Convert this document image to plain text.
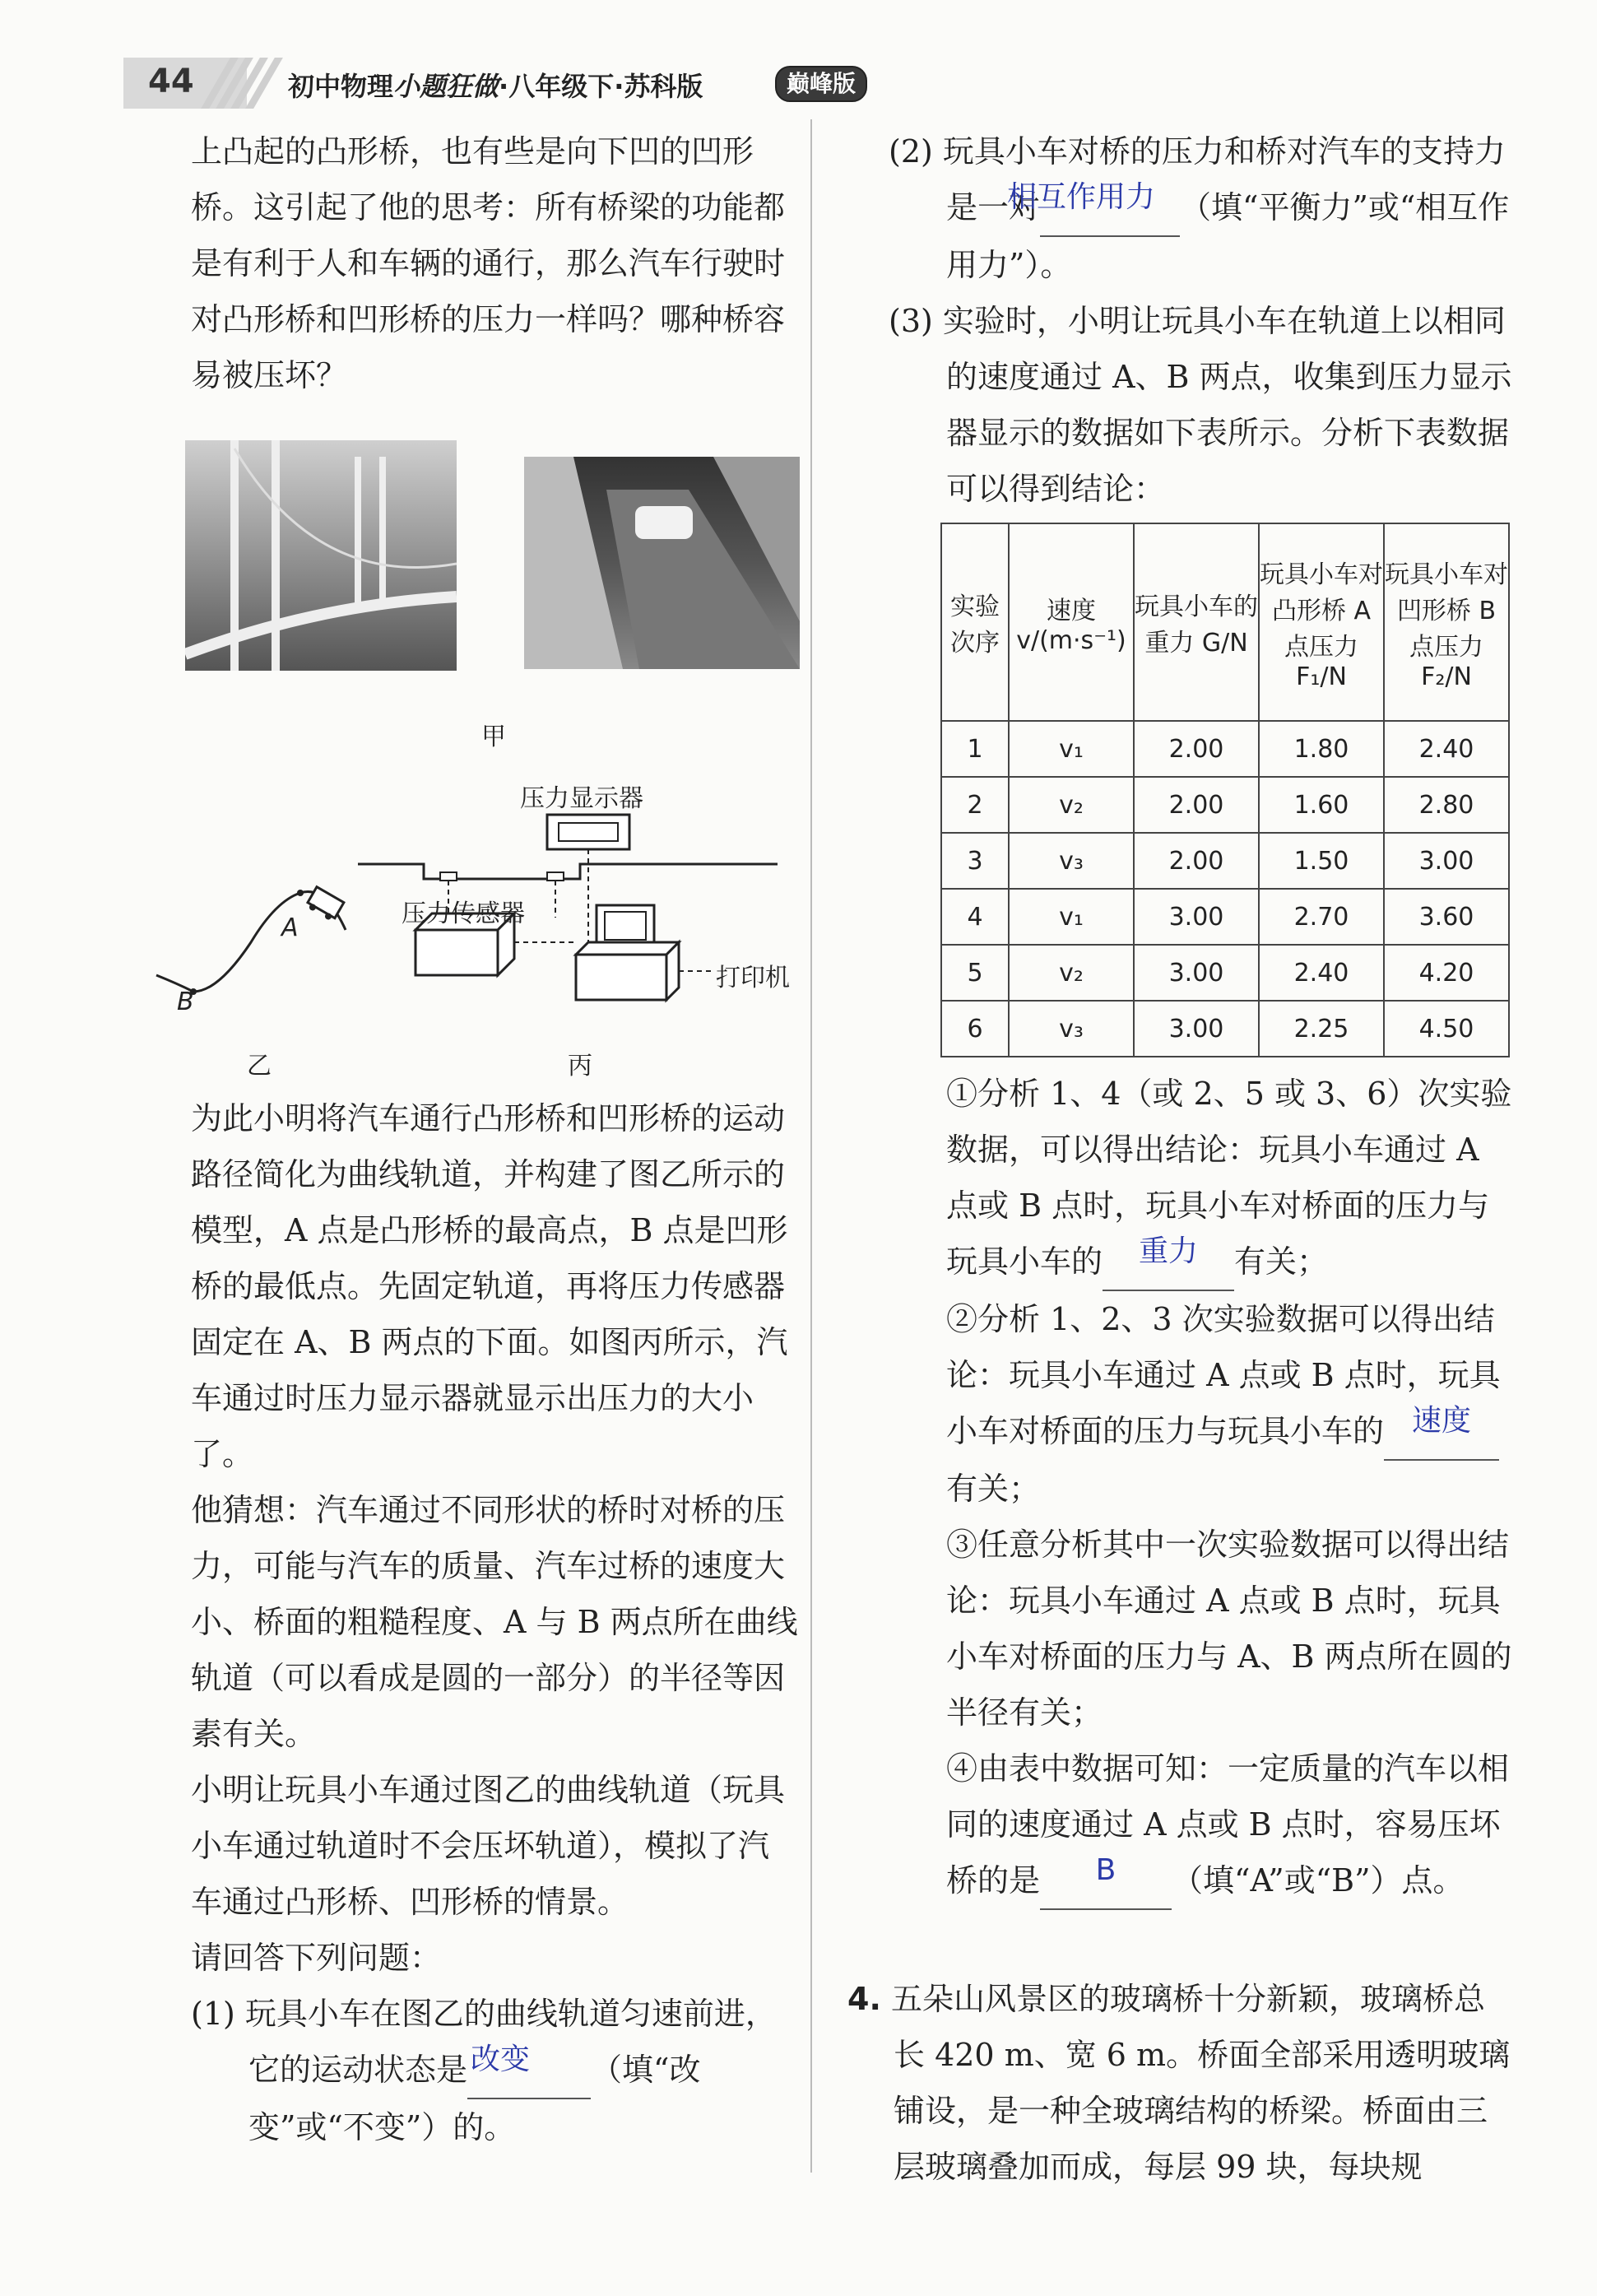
44	初中物理小题狂做·八年级下·苏科版	巅峰版

上凸起的凸形桥，也有些是向下凹的凹形桥。这引起了他的思考：所有桥梁的功能都是有利于人和车辆的通行，那么汽车行驶时对凸形桥和凹形桥的压力一样吗？哪种桥容易被压坏？

甲
压力显示器
压力传感器
打印机
A
B
乙	丙

为此小明将汽车通行凸形桥和凹形桥的运动路径简化为曲线轨道，并构建了图乙所示的模型，A 点是凸形桥的最高点，B 点是凹形桥的最低点。先固定轨道，再将压力传感器固定在 A、B 两点的下面。如图丙所示，汽车通过时压力显示器就显示出压力的大小了。

他猜想：汽车通过不同形状的桥时对桥的压力，可能与汽车的质量、汽车过桥的速度大小、桥面的粗糙程度、A 与 B 两点所在曲线轨道（可以看成是圆的一部分）的半径等因素有关。

小明让玩具小车通过图乙的曲线轨道（玩具小车通过轨道时不会压坏轨道），模拟了汽车通过凸形桥、凹形桥的情景。

请回答下列问题：

(1) 玩具小车在图乙的曲线轨道匀速前进，它的运动状态是 改变	（填“改变”或“不变”）的。

(2) 玩具小车对桥的压力和桥对汽车的支持力是一对
相互作用力 （填“平衡力”或“相互作用力”）。

(3) 实验时，小明让玩具小车在轨道上以相同的速度通过 A、B 两点，收集到压力显示器显示的数据如下表所示。分析下表数据可以得到结论：

实验次序	速度 v/(m·s⁻¹)	玩具小车的重力 G/N	玩具小车对凸形桥 A 点压力 F₁/N	玩具小车对凹形桥 B 点压力 F₂/N
1	v₁	2.00	1.80	2.40
2	v₂	2.00	1.60	2.80
3	v₃	2.00	1.50	3.00
4	v₁	3.00	2.70	3.60
5	v₂	3.00	2.40	4.20
6	v₃	3.00	2.25	4.50

①分析 1、4（或 2、5 或 3、6）次实验数据，可以得出结论：玩具小车通过 A 点或 B 点时，玩具小车对桥面的压力与玩具小车的	重力	有关；

②分析 1、2、3 次实验数据可以得出结论：玩具小车通过 A 点或 B 点时，玩具小车对桥面的压力与玩具小车的 速度
有关；

③任意分析其中一次实验数据可以得出结论：玩具小车通过 A 点或 B 点时，玩具小车对桥面的压力与 A、B 两点所在圆的半径有关；

④由表中数据可知：一定质量的汽车以相同的速度通过 A 点或 B 点时，容易压坏桥的是	B	（填“A”或“B”）点。

4. 五朵山风景区的玻璃桥十分新颖，玻璃桥总长 420 m、宽 6 m。桥面全部采用透明玻璃铺设，是一种全玻璃结构的桥梁。桥面由三层玻璃叠加而成，每层 99 块，每块规
